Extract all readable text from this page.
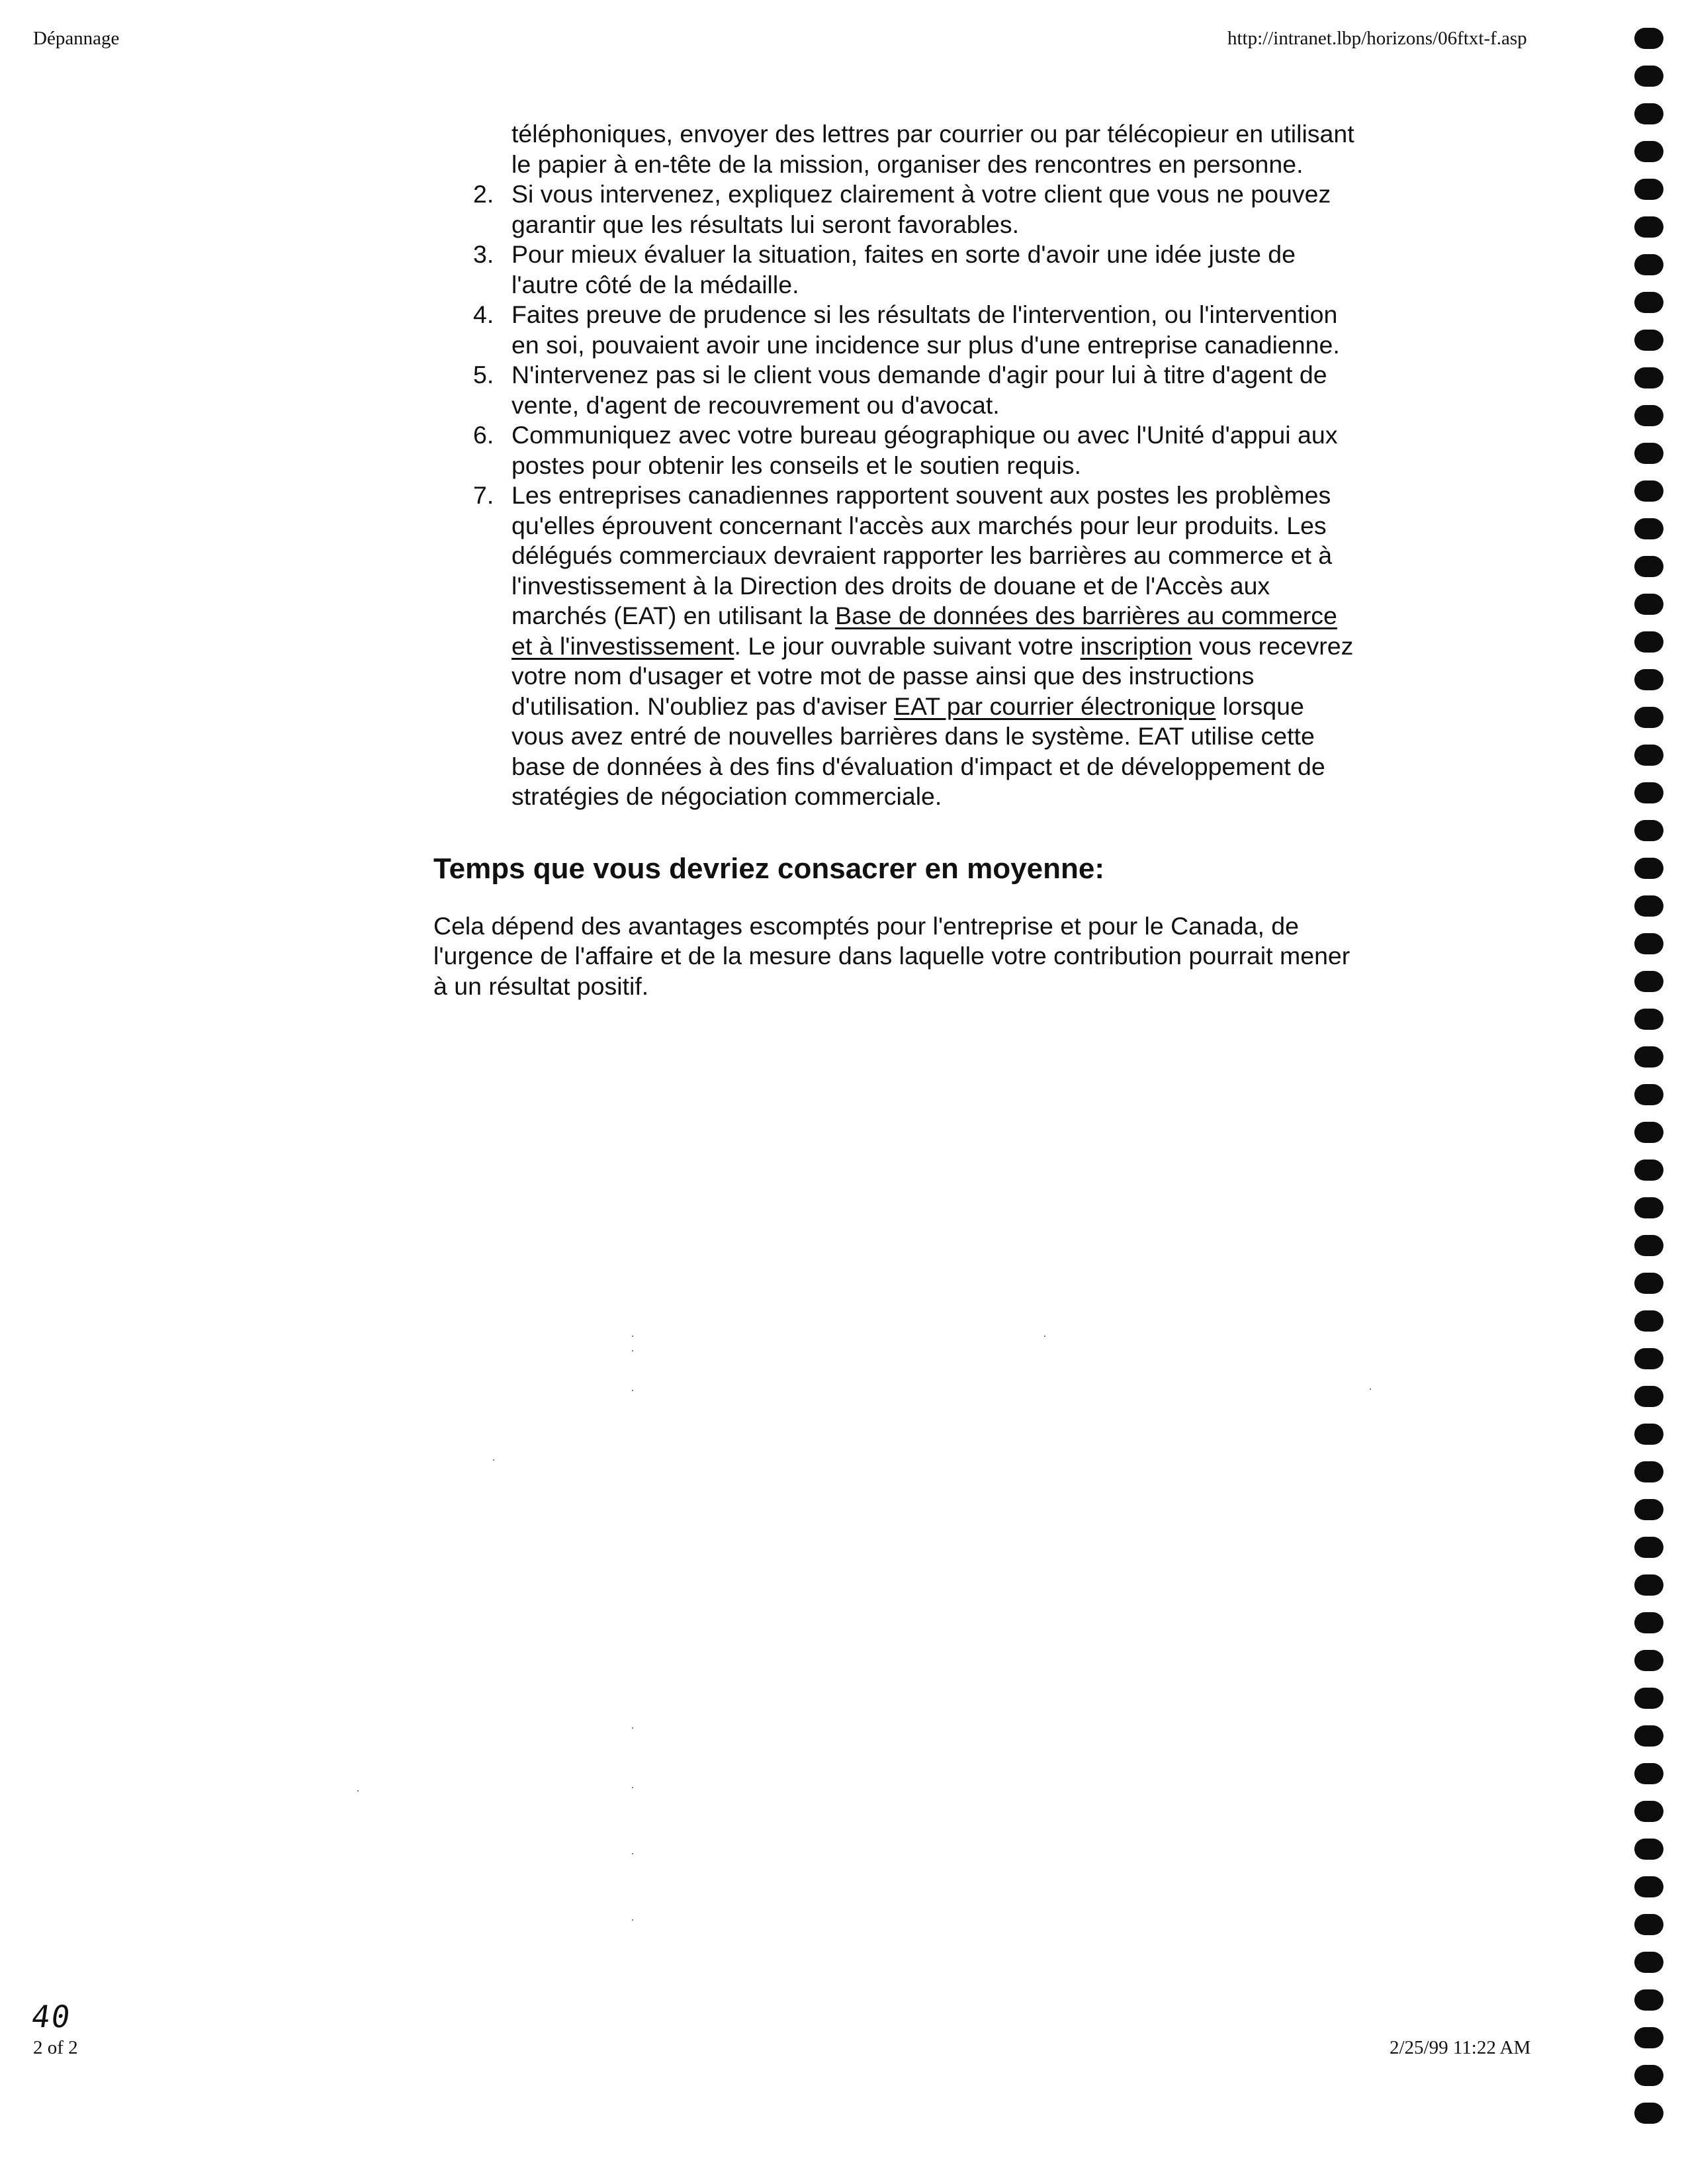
Dépannage	http://intranet.lbp/horizons/06ftxt-f.asp
téléphoniques, envoyer des lettres par courrier ou par télécopieur en utilisant le papier à en-tête de la mission, organiser des rencontres en personne.
2. Si vous intervenez, expliquez clairement à votre client que vous ne pouvez garantir que les résultats lui seront favorables.
3. Pour mieux évaluer la situation, faites en sorte d'avoir une idée juste de l'autre côté de la médaille.
4. Faites preuve de prudence si les résultats de l'intervention, ou l'intervention en soi, pouvaient avoir une incidence sur plus d'une entreprise canadienne.
5. N'intervenez pas si le client vous demande d'agir pour lui à titre d'agent de vente, d'agent de recouvrement ou d'avocat.
6. Communiquez avec votre bureau géographique ou avec l'Unité d'appui aux postes pour obtenir les conseils et le soutien requis.
7. Les entreprises canadiennes rapportent souvent aux postes les problèmes qu'elles éprouvent concernant l'accès aux marchés pour leur produits. Les délégués commerciaux devraient rapporter les barrières au commerce et à l'investissement à la Direction des droits de douane et de l'Accès aux marchés (EAT) en utilisant la Base de données des barrières au commerce et à l'investissement. Le jour ouvrable suivant votre inscription vous recevrez votre nom d'usager et votre mot de passe ainsi que des instructions d'utilisation. N'oubliez pas d'aviser EAT par courrier électronique lorsque vous avez entré de nouvelles barrières dans le système. EAT utilise cette base de données à des fins d'évaluation d'impact et de développement de stratégies de négociation commerciale.
Temps que vous devriez consacrer en moyenne:

Cela dépend des avantages escomptés pour l'entreprise et pour le Canada, de l'urgence de l'affaire et de la mesure dans laquelle votre contribution pourrait mener à un résultat positif.

40
2 of 2	2/25/99 11:22 AM
